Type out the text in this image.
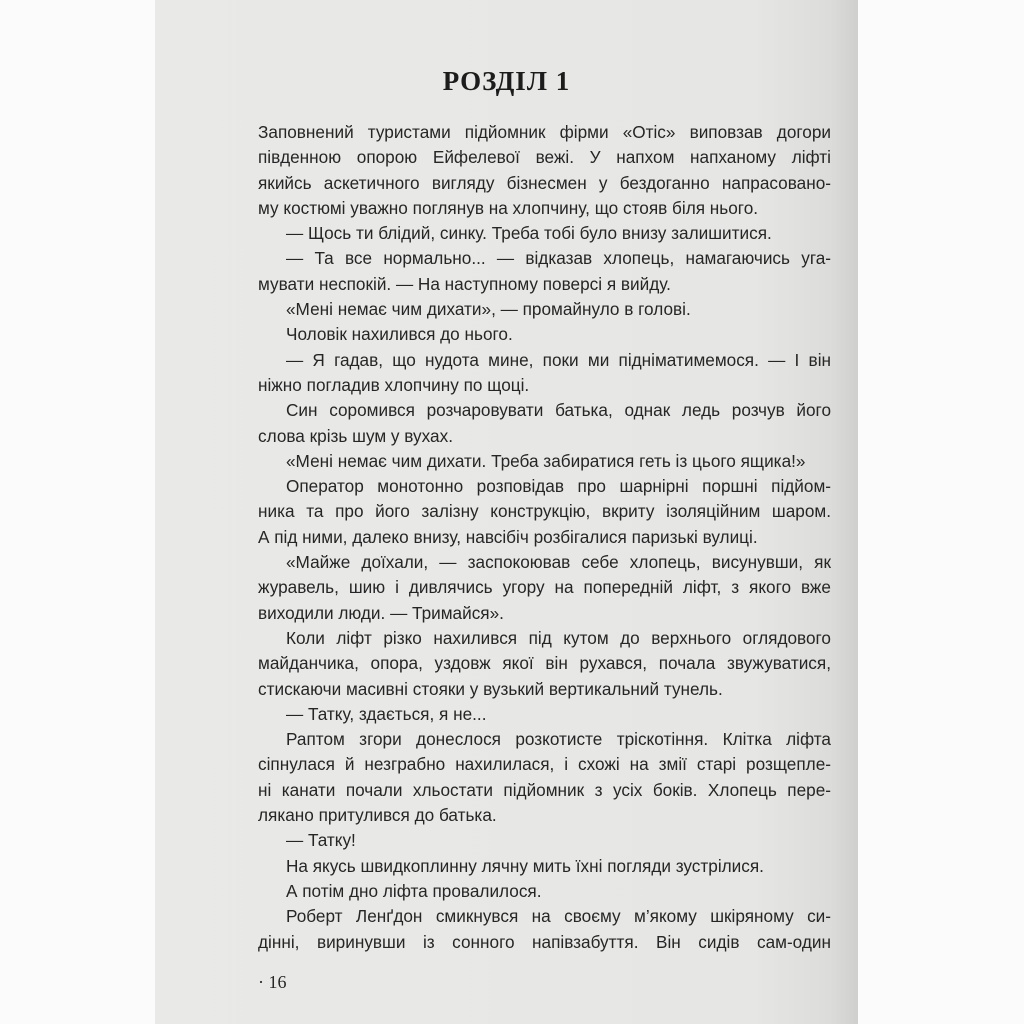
РОЗДІЛ 1
Заповнений туристами підйомник фірми «Отіс» виповзав догори
південною опорою Ейфелевої вежі. У напхом напханому ліфті
якийсь аскетичного вигляду бізнесмен у бездоганно напрасовано-
му костюмі уважно поглянув на хлопчину, що стояв біля нього.
— Щось ти блідий, синку. Треба тобі було внизу залишитися.
— Та все нормально... — відказав хлопець, намагаючись уга-
мувати неспокій. — На наступному поверсі я вийду.
«Мені немає чим дихати», — промайнуло в голові.
Чоловік нахилився до нього.
— Я гадав, що нудота мине, поки ми підніматимемося. — І він
ніжно погладив хлопчину по щоці.
Син соромився розчаровувати батька, однак ледь розчув його
слова крізь шум у вухах.
«Мені немає чим дихати. Треба забиратися геть із цього ящика!»
Оператор монотонно розповідав про шарнірні поршні підйом-
ника та про його залізну конструкцію, вкриту ізоляційним шаром.
А під ними, далеко внизу, навсібіч розбігалися паризькі вулиці.
«Майже доїхали, — заспокоював себе хлопець, висунувши, як
журавель, шию і дивлячись угору на попередній ліфт, з якого вже
виходили люди. — Тримайся».
Коли ліфт різко нахилився під кутом до верхнього оглядового
майданчика, опора, уздовж якої він рухався, почала звужуватися,
стискаючи масивні стояки у вузький вертикальний тунель.
— Татку, здається, я не...
Раптом згори донеслося розкотисте тріскотіння. Клітка ліфта
сіпнулася й незграбно нахилилася, і схожі на змії старі розщепле-
ні канати почали хльостати підйомник з усіх боків. Хлопець пере-
лякано притулився до батька.
— Татку!
На якусь швидкоплинну лячну мить їхні погляди зустрілися.
А потім дно ліфта провалилося.
Роберт Ленґдон смикнувся на своєму м’якому шкіряному си-
дінні, виринувши із сонного напівзабуття. Він сидів сам-один
· 16
